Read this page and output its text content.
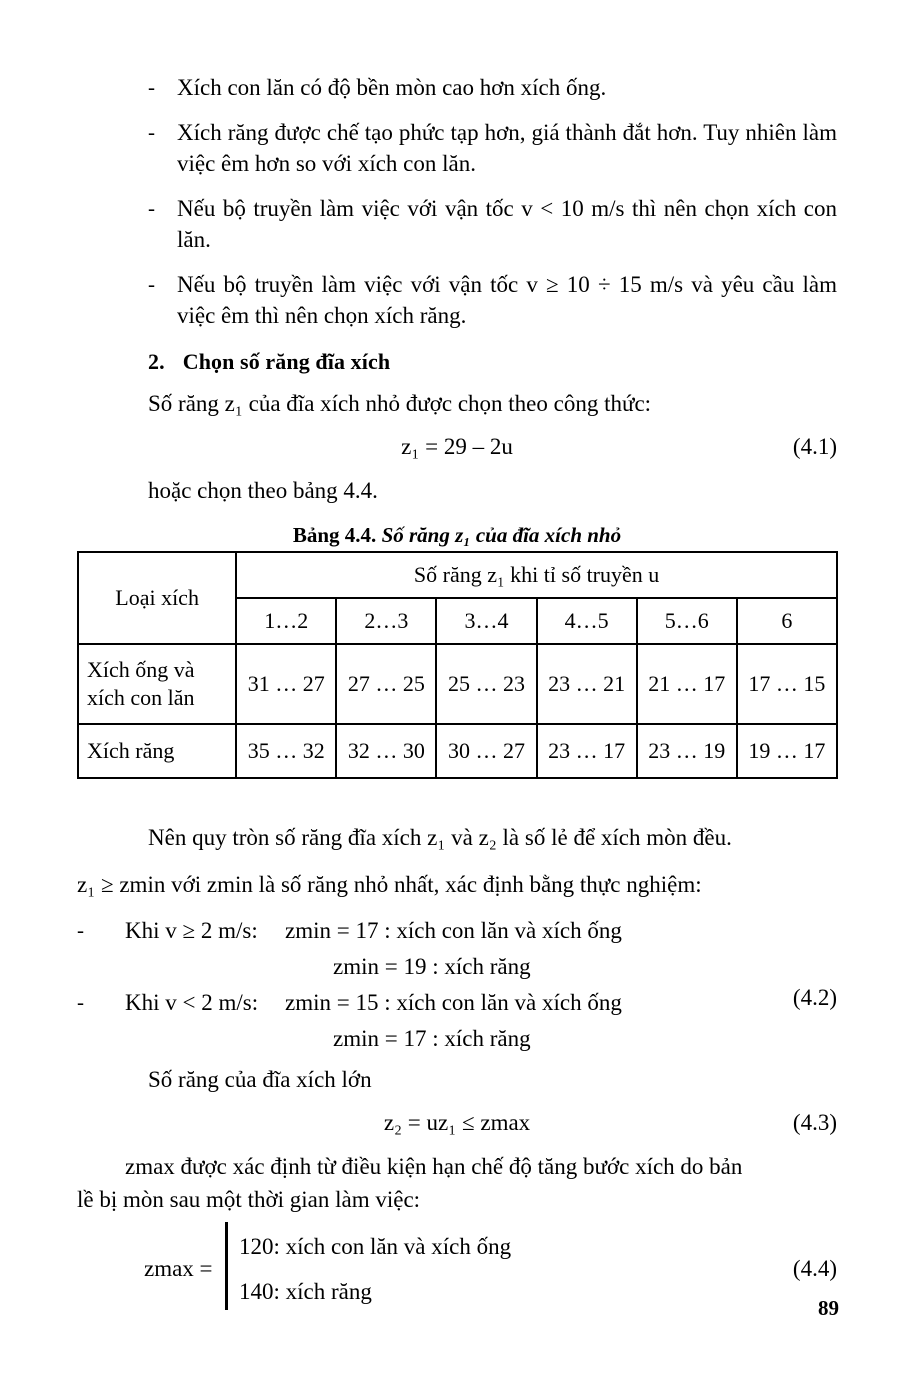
- Xích con lăn có độ bền mòn cao hơn xích ống.
- Xích răng được chế tạo phức tạp hơn, giá thành đắt hơn. Tuy nhiên làm việc êm hơn so với xích con lăn.
- Nếu bộ truyền làm việc với vận tốc v < 10 m/s thì nên chọn xích con lăn.
- Nếu bộ truyền làm việc với vận tốc v ≥ 10 ÷ 15 m/s và yêu cầu làm việc êm thì nên chọn xích răng.
2. Chọn số răng đĩa xích

Số răng z₁ của đĩa xích nhỏ được chọn theo công thức:

z₁ = 29 – 2u	(4.1)

hoặc chọn theo bảng 4.4.

Bảng 4.4. Số răng z₁ của đĩa xích nhỏ
Loại xích	Số răng z₁ khi tỉ số truyền u					
	1…2	2…3	3…4	4…5	5…6	6
Xích ống và xích con lăn	31 … 27	27 … 25	25 … 23	23 … 21	21 … 17	17 … 15
Xích răng	35 … 32	32 … 30	30 … 27	23 … 17	23 … 19	19 … 17

Nên quy tròn số răng đĩa xích z₁ và z₂ là số lẻ để xích mòn đều.

z₁ ≥ zmin với zmin là số răng nhỏ nhất, xác định bằng thực nghiệm:

-	Khi v ≥ 2 m/s: zmin = 17 : xích con lăn và xích ống
zmin = 19 : xích răng
-	Khi v < 2 m/s: zmin = 15 : xích con lăn và xích ống
zmin = 17 : xích răng
(4.2)

Số răng của đĩa xích lớn

z₂ = uz₁ ≤ zmax	(4.3)

zmax được xác định từ điều kiện hạn chế độ tăng bước xích do bản

lề bị mòn sau một thời gian làm việc:

zmax =
120: xích con lăn và xích ống
140: xích răng
(4.4)
89
